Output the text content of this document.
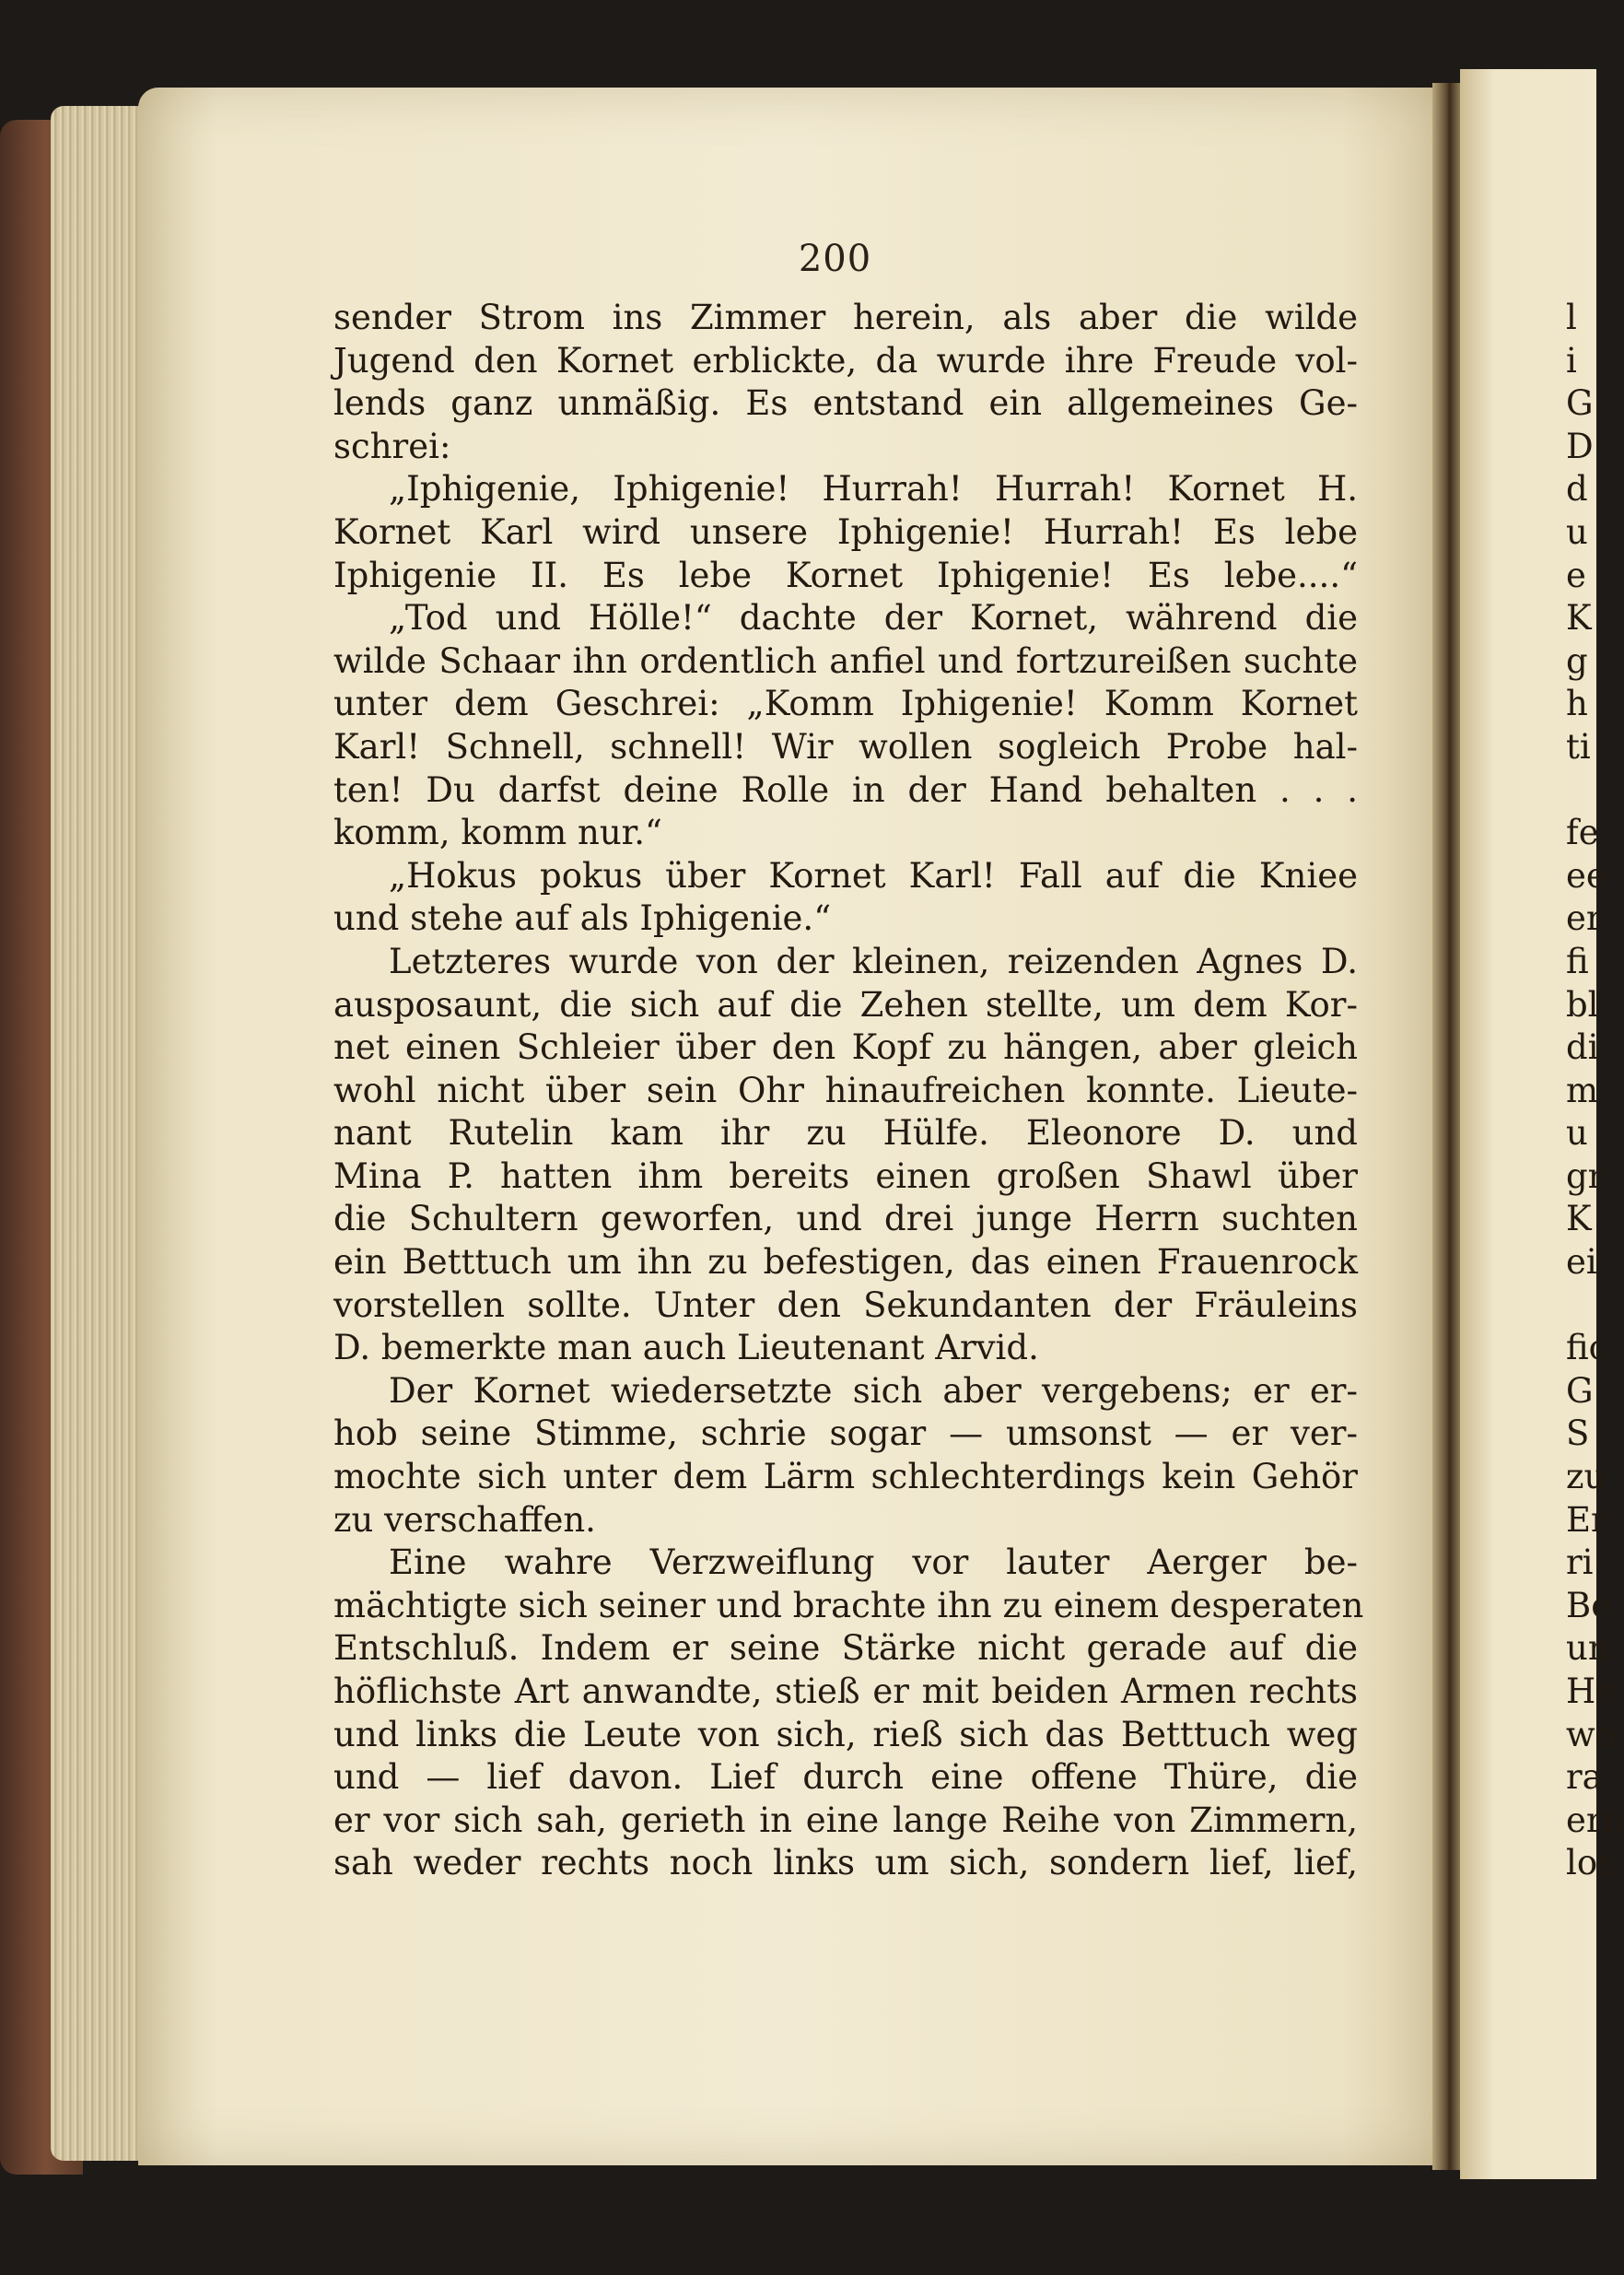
200
sender Strom ins Zimmer herein, als aber die wilde
Jugend den Kornet erblickte, da wurde ihre Freude vol-
lends ganz unmäßig. Es entstand ein allgemeines Ge-
schrei:
„Iphigenie, Iphigenie! Hurrah! Hurrah! Kornet H.
Kornet Karl wird unsere Iphigenie! Hurrah! Es lebe
Iphigenie II. Es lebe Kornet Iphigenie! Es lebe....“
„Tod und Hölle!“ dachte der Kornet, während die
wilde Schaar ihn ordentlich anfiel und fortzureißen suchte
unter dem Geschrei: „Komm Iphigenie! Komm Kornet
Karl! Schnell, schnell! Wir wollen sogleich Probe hal-
ten! Du darfst deine Rolle in der Hand behalten . . .
komm, komm nur.“
„Hokus pokus über Kornet Karl! Fall auf die Kniee
und stehe auf als Iphigenie.“
Letzteres wurde von der kleinen, reizenden Agnes D.
ausposaunt, die sich auf die Zehen stellte, um dem Kor-
net einen Schleier über den Kopf zu hängen, aber gleich
wohl nicht über sein Ohr hinaufreichen konnte. Lieute-
nant Rutelin kam ihr zu Hülfe. Eleonore D. und
Mina P. hatten ihm bereits einen großen Shawl über
die Schultern geworfen, und drei junge Herrn suchten
ein Betttuch um ihn zu befestigen, das einen Frauenrock
vorstellen sollte. Unter den Sekundanten der Fräuleins
D. bemerkte man auch Lieutenant Arvid.
Der Kornet wiedersetzte sich aber vergebens; er er-
hob seine Stimme, schrie sogar — umsonst — er ver-
mochte sich unter dem Lärm schlechterdings kein Gehör
zu verschaffen.
Eine wahre Verzweiflung vor lauter Aerger be-
mächtigte sich seiner und brachte ihn zu einem desperaten
Entschluß. Indem er seine Stärke nicht gerade auf die
höflichste Art anwandte, stieß er mit beiden Armen rechts
und links die Leute von sich, rieß sich das Betttuch weg
und — lief davon. Lief durch eine offene Thüre, die
er vor sich sah, gerieth in eine lange Reihe von Zimmern,
sah weder rechts noch links um sich, sondern lief, lief,
l
i
G
D
d
u
e
K
g
h
ti
fe
ee
er
fi
bl
di
m
u
gr
K
ei
fic
G
S
zu
Er
ri
Be
un
He
wo
ra
erb
los
